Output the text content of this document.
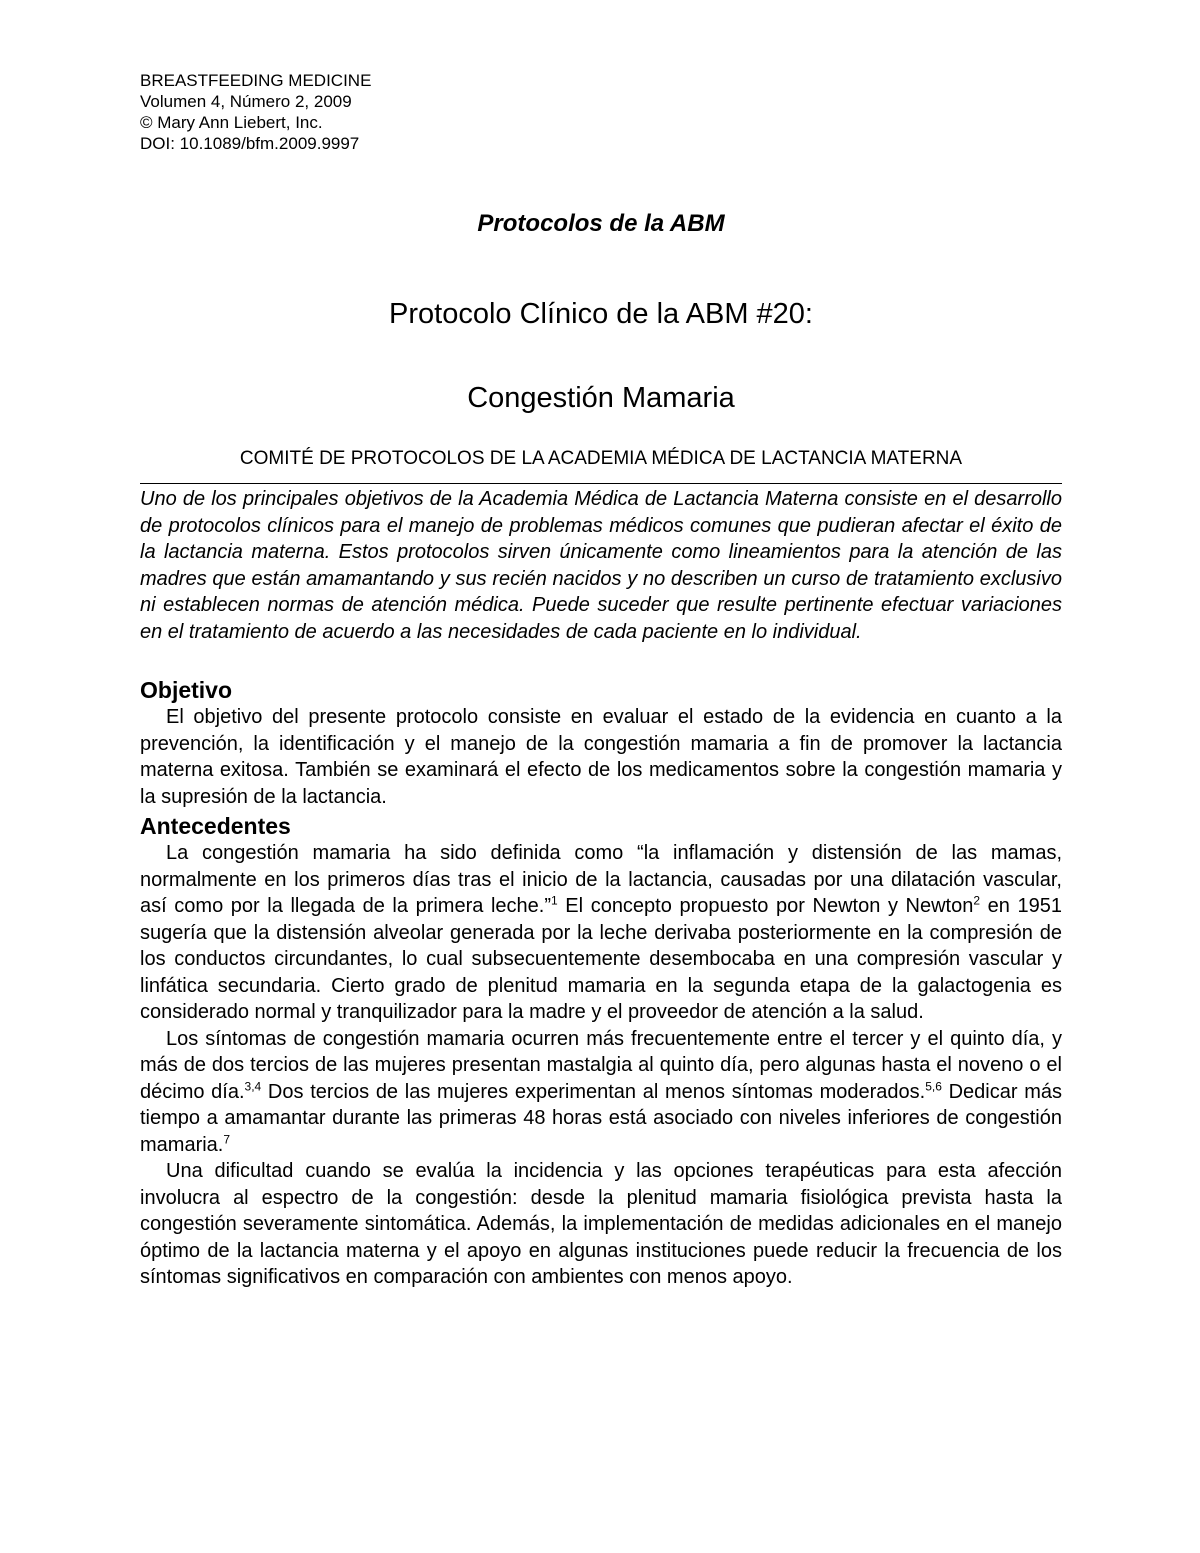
BREASTFEEDING MEDICINE
Volumen 4, Número 2, 2009
© Mary Ann Liebert, Inc.
DOI: 10.1089/bfm.2009.9997
Protocolos de la ABM
Protocolo Clínico de la ABM #20:
Congestión Mamaria
COMITÉ DE PROTOCOLOS DE LA ACADEMIA MÉDICA DE LACTANCIA MATERNA

Uno de los principales objetivos de la Academia Médica de Lactancia Materna consiste en el desarrollo de protocolos clínicos para el manejo de problemas médicos comunes que pudieran afectar el éxito de la lactancia materna. Estos protocolos sirven únicamente como lineamientos para la atención de las madres que están amamantando y sus recién nacidos y no describen un curso de tratamiento exclusivo ni establecen normas de atención médica. Puede suceder que resulte pertinente efectuar variaciones en el tratamiento de acuerdo a las necesidades de cada paciente en lo individual.

Objetivo

El objetivo del presente protocolo consiste en evaluar el estado de la evidencia en cuanto a la prevención, la identificación y el manejo de la congestión mamaria a fin de promover la lactancia materna exitosa. También se examinará el efecto de los medicamentos sobre la congestión mamaria y la supresión de la lactancia.

Antecedentes

La congestión mamaria ha sido definida como “la inflamación y distensión de las mamas, normalmente en los primeros días tras el inicio de la lactancia, causadas por una dilatación vascular, así como por la llegada de la primera leche.”$^1$ El concepto propuesto por Newton y Newton$^2$ en 1951 sugería que la distensión alveolar generada por la leche derivaba posteriormente en la compresión de los conductos circundantes, lo cual subsecuentemente desembocaba en una compresión vascular y linfática secundaria. Cierto grado de plenitud mamaria en la segunda etapa de la galactogenia es considerado normal y tranquilizador para la madre y el proveedor de atención a la salud.

Los síntomas de congestión mamaria ocurren más frecuentemente entre el tercer y el quinto día, y más de dos tercios de las mujeres presentan mastalgia al quinto día, pero algunas hasta el noveno o el décimo día.$^{3,4}$ Dos tercios de las mujeres experimentan al menos síntomas moderados.$^{5,6}$ Dedicar más tiempo a amamantar durante las primeras 48 horas está asociado con niveles inferiores de congestión mamaria.$^7$

Una dificultad cuando se evalúa la incidencia y las opciones terapéuticas para esta afección involucra al espectro de la congestión: desde la plenitud mamaria fisiológica prevista hasta la congestión severamente sintomática. Además, la implementación de medidas adicionales en el manejo óptimo de la lactancia materna y el apoyo en algunas instituciones puede reducir la frecuencia de los síntomas significativos en comparación con ambientes con menos apoyo.
